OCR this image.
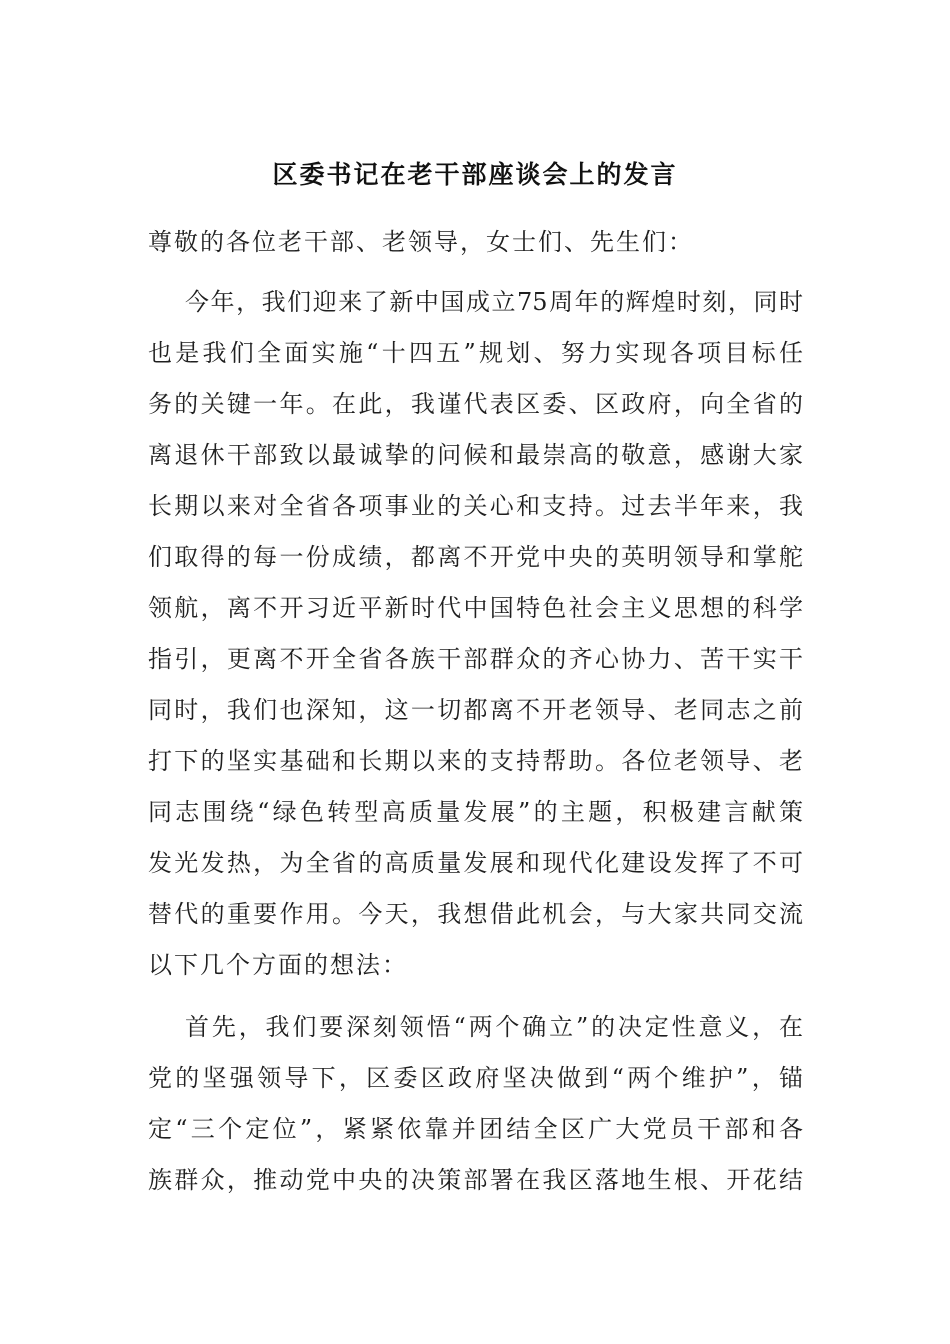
区委书记在老干部座谈会上的发言
尊敬的各位老干部、老领导，女士们、先生们：
今年，我们迎来了新中国成立75周年的辉煌时刻，同时
也是我们全面实施“十四五”规划、努力实现各项目标任
务的关键一年。在此，我谨代表区委、区政府，向全省的
离退休干部致以最诚挚的问候和最崇高的敬意，感谢大家
长期以来对全省各项事业的关心和支持。过去半年来，我
们取得的每一份成绩，都离不开党中央的英明领导和掌舵
领航，离不开习近平新时代中国特色社会主义思想的科学
指引，更离不开全省各族干部群众的齐心协力、苦干实干
同时，我们也深知，这一切都离不开老领导、老同志之前
打下的坚实基础和长期以来的支持帮助。各位老领导、老
同志围绕“绿色转型高质量发展”的主题，积极建言献策
发光发热，为全省的高质量发展和现代化建设发挥了不可
替代的重要作用。今天，我想借此机会，与大家共同交流
以下几个方面的想法：
首先，我们要深刻领悟“两个确立”的决定性意义，在
党的坚强领导下，区委区政府坚决做到“两个维护”，锚
定“三个定位”，紧紧依靠并团结全区广大党员干部和各
族群众，推动党中央的决策部署在我区落地生根、开花结
